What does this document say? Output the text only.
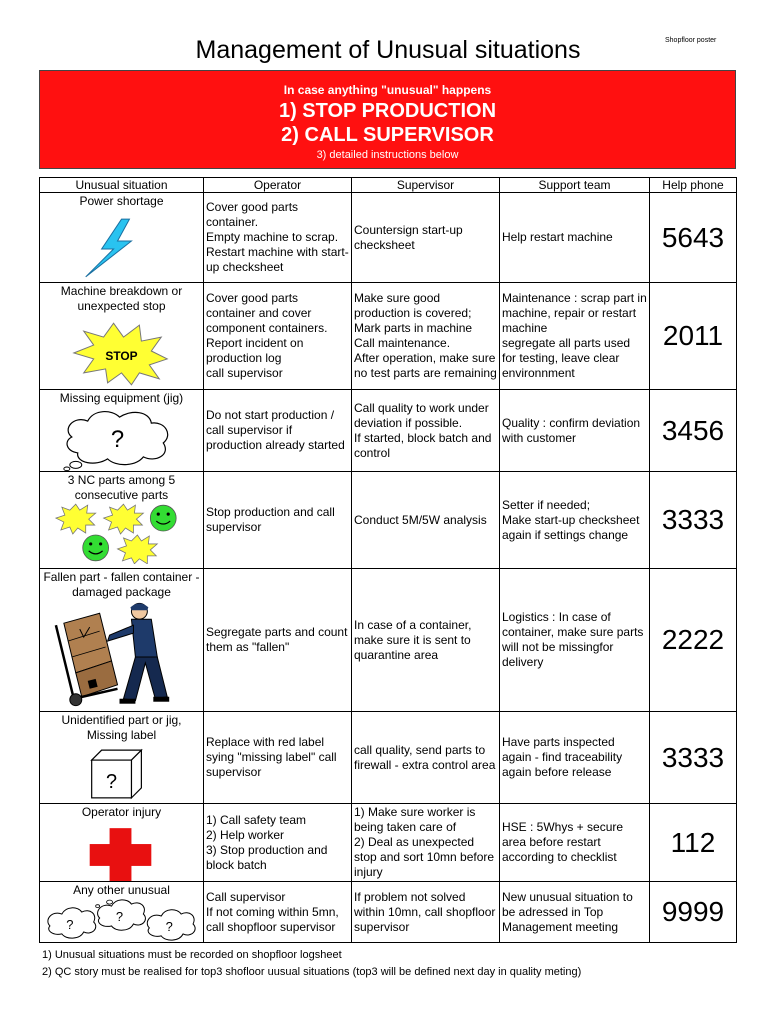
Management of Unusual situations	Shopfloor poster
In case anything "unusual" happens
1) STOP PRODUCTION
2) CALL SUPERVISOR
3) detailed instructions below
Unusual situation	Operator	Supervisor	Support team	Help phone

Power shortage	Cover good parts container.
Empty machine to scrap.
Restart machine with start-up checksheet	Countersign start-up checksheet	Help restart machine	5643

Machine breakdown or unexpected stop
STOP	Cover good parts container and cover component containers.
Report incident on production log
call supervisor	Make sure good production is covered;
Mark parts in machine
Call maintenance.
After operation, make sure no test parts are remaining	Maintenance : scrap part in machine, repair or restart machine
segregate all parts used for testing, leave clear environnment	2011

Missing equipment (jig)
?	Do not start production / call supervisor if production already started	Call quality to work under deviation if possible.
If started, block batch and control	Quality : confirm deviation with customer	3456

3 NC parts among 5 consecutive parts	Stop production and call supervisor	Conduct 5M/5W analysis	Setter if needed;
Make start-up checksheet again if settings change	3333

Fallen part - fallen container - damaged package	Segregate parts and count them as "fallen"	In case of a container, make sure it is sent to quarantine area	Logistics : In case of container, make sure parts will not be missingfor delivery	2222

Unidentified part or jig, Missing label
?	Replace with red label sying "missing label" call supervisor	call quality, send parts to firewall - extra control area	Have parts inspected again - find traceability again before release	3333

Operator injury	1) Call safety team
2) Help worker
3) Stop production and block batch	1) Make sure worker is being taken care of
2) Deal as unexpected stop and sort 10mn before injury	HSE : 5Whys + secure area before restart according to checklist	112

Any other unusual
?
?
?	Call supervisor
If not coming within 5mn, call shopfloor supervisor	If problem not solved within 10mn, call shopfloor supervisor	New unusual situation to be adressed in Top Management meeting	9999
1) Unusual situations must be recorded on shopfloor logsheet
2) QC story must be realised for top3 shofloor uusual situations (top3 will be defined next day in quality meting)
